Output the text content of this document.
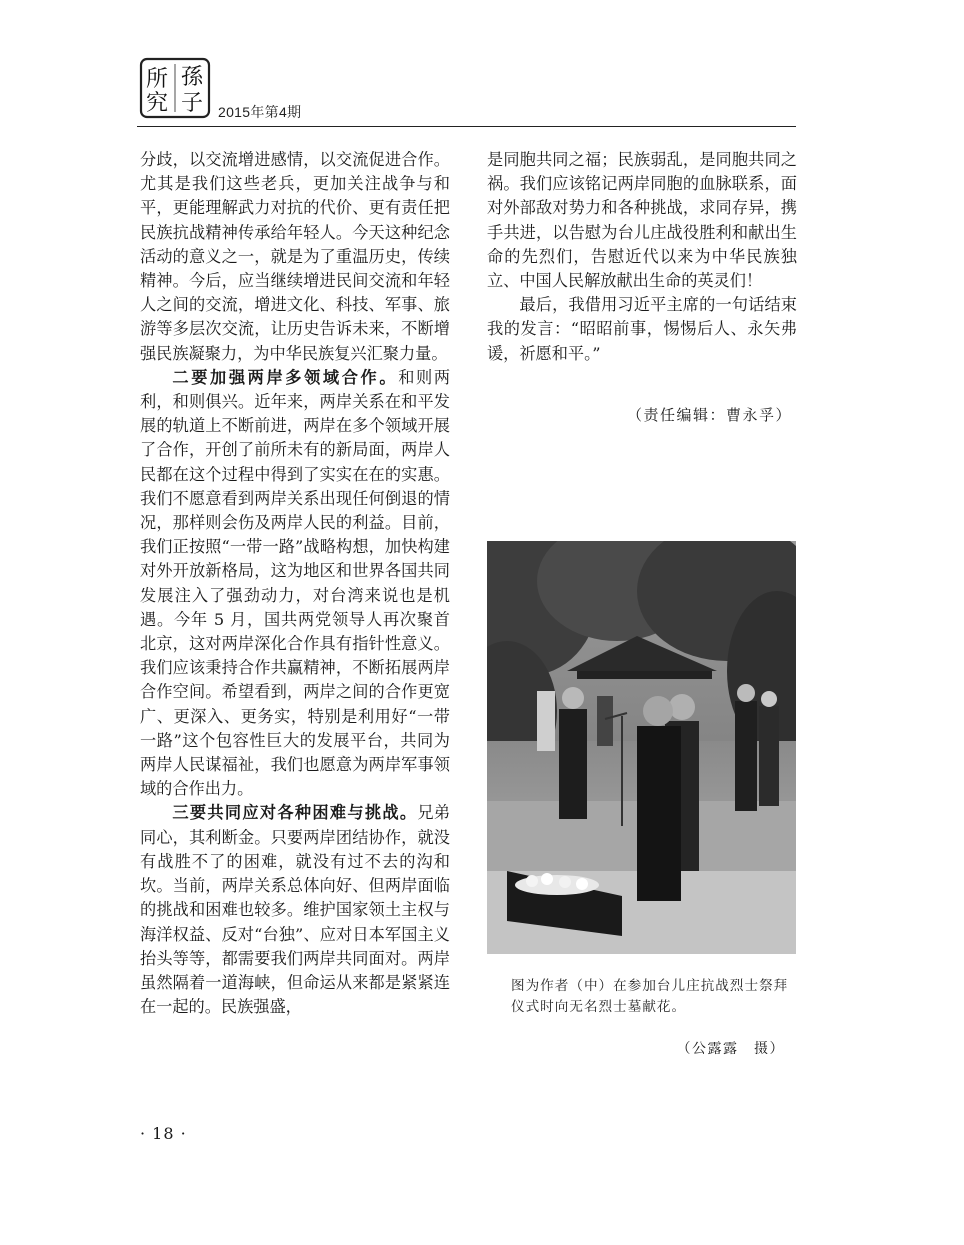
所 孫
究 子 2015年第4期

分歧，以交流增进感情，以交流促进合作。尤其是我们这些老兵，更加关注战争与和平，更能理解武力对抗的代价、更有责任把民族抗战精神传承给年轻人。今天这种纪念活动的意义之一，就是为了重温历史，传续精神。今后，应当继续增进民间交流和年轻人之间的交流，增进文化、科技、军事、旅游等多层次交流，让历史告诉未来，不断增强民族凝聚力，为中华民族复兴汇聚力量。

二要加强两岸多领域合作。和则两利，和则俱兴。近年来，两岸关系在和平发展的轨道上不断前进，两岸在多个领域开展了合作，开创了前所未有的新局面，两岸人民都在这个过程中得到了实实在在的实惠。我们不愿意看到两岸关系出现任何倒退的情况，那样则会伤及两岸人民的利益。目前，我们正按照“一带一路”战略构想，加快构建对外开放新格局，这为地区和世界各国共同发展注入了强劲动力，对台湾来说也是机遇。今年 5 月，国共两党领导人再次聚首北京，这对两岸深化合作具有指针性意义。我们应该秉持合作共赢精神，不断拓展两岸合作空间。希望看到，两岸之间的合作更宽广、更深入、更务实，特别是利用好“一带一路”这个包容性巨大的发展平台，共同为两岸人民谋福祉，我们也愿意为两岸军事领域的合作出力。

三要共同应对各种困难与挑战。兄弟同心，其利断金。只要两岸团结协作，就没有战胜不了的困难，就没有过不去的沟和坎。当前，两岸关系总体向好、但两岸面临的挑战和困难也较多。维护国家领土主权与海洋权益、反对“台独”、应对日本军国主义抬头等等，都需要我们两岸共同面对。两岸虽然隔着一道海峡，但命运从来都是紧紧连在一起的。民族强盛，

是同胞共同之福；民族弱乱，是同胞共同之祸。我们应该铭记两岸同胞的血脉联系，面对外部敌对势力和各种挑战，求同存异，携手共进，以告慰为台儿庄战役胜利和献出生命的先烈们，告慰近代以来为中华民族独立、中国人民解放献出生命的英灵们！

最后，我借用习近平主席的一句话结束我的发言：“昭昭前事，惕惕后人、永矢弗谖，祈愿和平。”

（责任编辑：曹永孚）
图为作者（中）在参加台儿庄抗战烈士祭拜仪式时向无名烈士墓献花。
（公露露　摄）
· 18 ·
